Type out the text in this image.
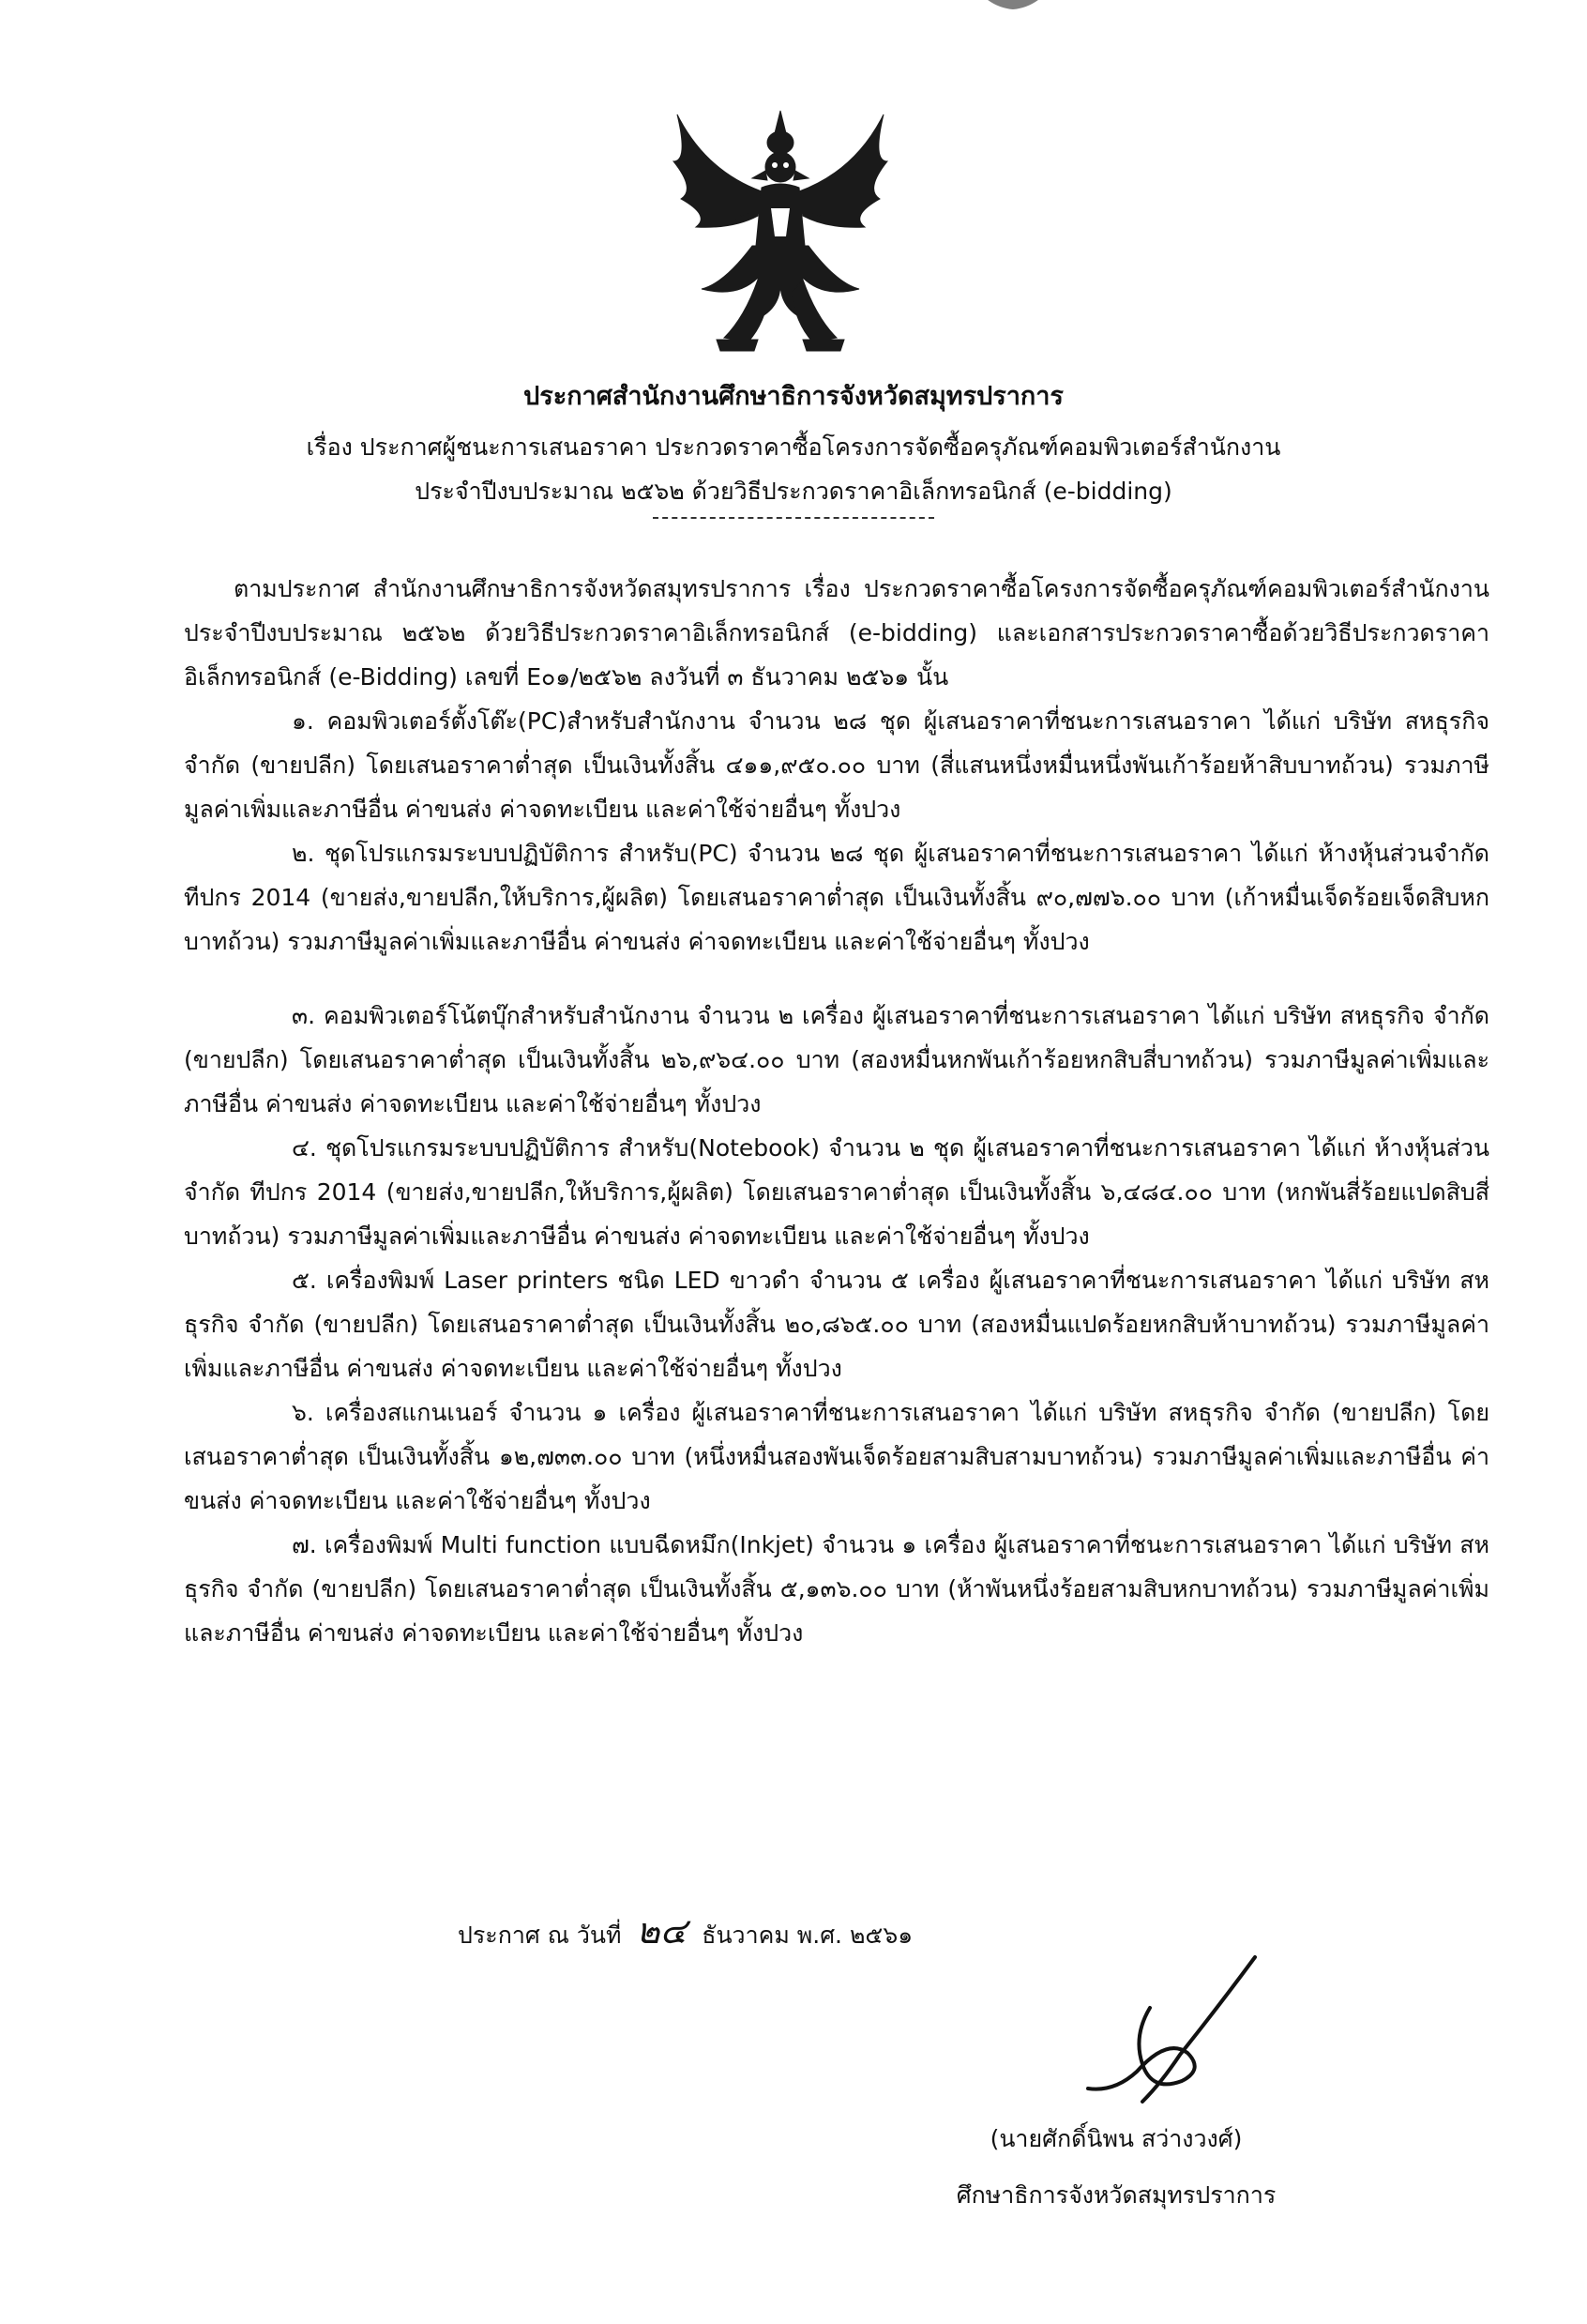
ประกาศสำนักงานศึกษาธิการจังหวัดสมุทรปราการ
เรื่อง ประกาศผู้ชนะการเสนอราคา ประกวดราคาซื้อโครงการจัดซื้อครุภัณฑ์คอมพิวเตอร์สำนักงาน
ประจำปีงบประมาณ ๒๕๖๒ ด้วยวิธีประกวดราคาอิเล็กทรอนิกส์ (e-bidding)

ตามประกาศ สำนักงานศึกษาธิการจังหวัดสมุทรปราการ เรื่อง ประกวดราคาซื้อโครงการจัดซื้อครุภัณฑ์คอมพิวเตอร์สำนักงานประจำปีงบประมาณ ๒๕๖๒ ด้วยวิธีประกวดราคาอิเล็กทรอนิกส์ (e-bidding) และเอกสารประกวดราคาซื้อด้วยวิธีประกวดราคาอิเล็กทรอนิกส์ (e-Bidding) เลขที่ E๐๑/๒๕๖๒ ลงวันที่ ๓ ธันวาคม ๒๕๖๑ นั้น

๑. คอมพิวเตอร์ตั้งโต๊ะ(PC)สำหรับสำนักงาน จำนวน ๒๘ ชุด ผู้เสนอราคาที่ชนะการเสนอราคา ได้แก่ บริษัท สหธุรกิจ จำกัด (ขายปลีก) โดยเสนอราคาต่ำสุด เป็นเงินทั้งสิ้น ๔๑๑,๙๕๐.๐๐ บาท (สี่แสนหนึ่งหมื่นหนึ่งพันเก้าร้อยห้าสิบบาทถ้วน) รวมภาษีมูลค่าเพิ่มและภาษีอื่น ค่าขนส่ง ค่าจดทะเบียน และค่าใช้จ่ายอื่นๆ ทั้งปวง

๒. ชุดโปรแกรมระบบปฏิบัติการ สำหรับ(PC) จำนวน ๒๘ ชุด ผู้เสนอราคาที่ชนะการเสนอราคา ได้แก่ ห้างหุ้นส่วนจำกัด ทีปกร 2014 (ขายส่ง,ขายปลีก,ให้บริการ,ผู้ผลิต) โดยเสนอราคาต่ำสุด เป็นเงินทั้งสิ้น ๙๐,๗๗๖.๐๐ บาท (เก้าหมื่นเจ็ดร้อยเจ็ดสิบหกบาทถ้วน) รวมภาษีมูลค่าเพิ่มและภาษีอื่น ค่าขนส่ง ค่าจดทะเบียน และค่าใช้จ่ายอื่นๆ ทั้งปวง

๓. คอมพิวเตอร์โน้ตบุ๊กสำหรับสำนักงาน จำนวน ๒ เครื่อง ผู้เสนอราคาที่ชนะการเสนอราคา ได้แก่ บริษัท สหธุรกิจ จำกัด (ขายปลีก) โดยเสนอราคาต่ำสุด เป็นเงินทั้งสิ้น ๒๖,๙๖๔.๐๐ บาท (สองหมื่นหกพันเก้าร้อยหกสิบสี่บาทถ้วน) รวมภาษีมูลค่าเพิ่มและภาษีอื่น ค่าขนส่ง ค่าจดทะเบียน และค่าใช้จ่ายอื่นๆ ทั้งปวง

๔. ชุดโปรแกรมระบบปฏิบัติการ สำหรับ(Notebook) จำนวน ๒ ชุด ผู้เสนอราคาที่ชนะการเสนอราคา ได้แก่ ห้างหุ้นส่วนจำกัด ทีปกร 2014 (ขายส่ง,ขายปลีก,ให้บริการ,ผู้ผลิต) โดยเสนอราคาต่ำสุด เป็นเงินทั้งสิ้น ๖,๔๘๔.๐๐ บาท (หกพันสี่ร้อยแปดสิบสี่บาทถ้วน) รวมภาษีมูลค่าเพิ่มและภาษีอื่น ค่าขนส่ง ค่าจดทะเบียน และค่าใช้จ่ายอื่นๆ ทั้งปวง

๕. เครื่องพิมพ์ Laser printers ชนิด LED ขาวดำ จำนวน ๕ เครื่อง ผู้เสนอราคาที่ชนะการเสนอราคา ได้แก่ บริษัท สหธุรกิจ จำกัด (ขายปลีก) โดยเสนอราคาต่ำสุด เป็นเงินทั้งสิ้น ๒๐,๘๖๕.๐๐ บาท (สองหมื่นแปดร้อยหกสิบห้าบาทถ้วน) รวมภาษีมูลค่าเพิ่มและภาษีอื่น ค่าขนส่ง ค่าจดทะเบียน และค่าใช้จ่ายอื่นๆ ทั้งปวง

๖. เครื่องสแกนเนอร์ จำนวน ๑ เครื่อง ผู้เสนอราคาที่ชนะการเสนอราคา ได้แก่ บริษัท สหธุรกิจ จำกัด (ขายปลีก) โดยเสนอราคาต่ำสุด เป็นเงินทั้งสิ้น ๑๒,๗๓๓.๐๐ บาท (หนึ่งหมื่นสองพันเจ็ดร้อยสามสิบสามบาทถ้วน) รวมภาษีมูลค่าเพิ่มและภาษีอื่น ค่าขนส่ง ค่าจดทะเบียน และค่าใช้จ่ายอื่นๆ ทั้งปวง

๗. เครื่องพิมพ์ Multi function แบบฉีดหมึก(Inkjet) จำนวน ๑ เครื่อง ผู้เสนอราคาที่ชนะการเสนอราคา ได้แก่ บริษัท สหธุรกิจ จำกัด (ขายปลีก) โดยเสนอราคาต่ำสุด เป็นเงินทั้งสิ้น ๕,๑๓๖.๐๐ บาท (ห้าพันหนึ่งร้อยสามสิบหกบาทถ้วน) รวมภาษีมูลค่าเพิ่มและภาษีอื่น ค่าขนส่ง ค่าจดทะเบียน และค่าใช้จ่ายอื่นๆ ทั้งปวง

ประกาศ ณ วันที่ ๒๔ ธันวาคม พ.ศ. ๒๕๖๑
(นายศักดิ์นิพน สว่างวงศ์)
ศึกษาธิการจังหวัดสมุทรปราการ
